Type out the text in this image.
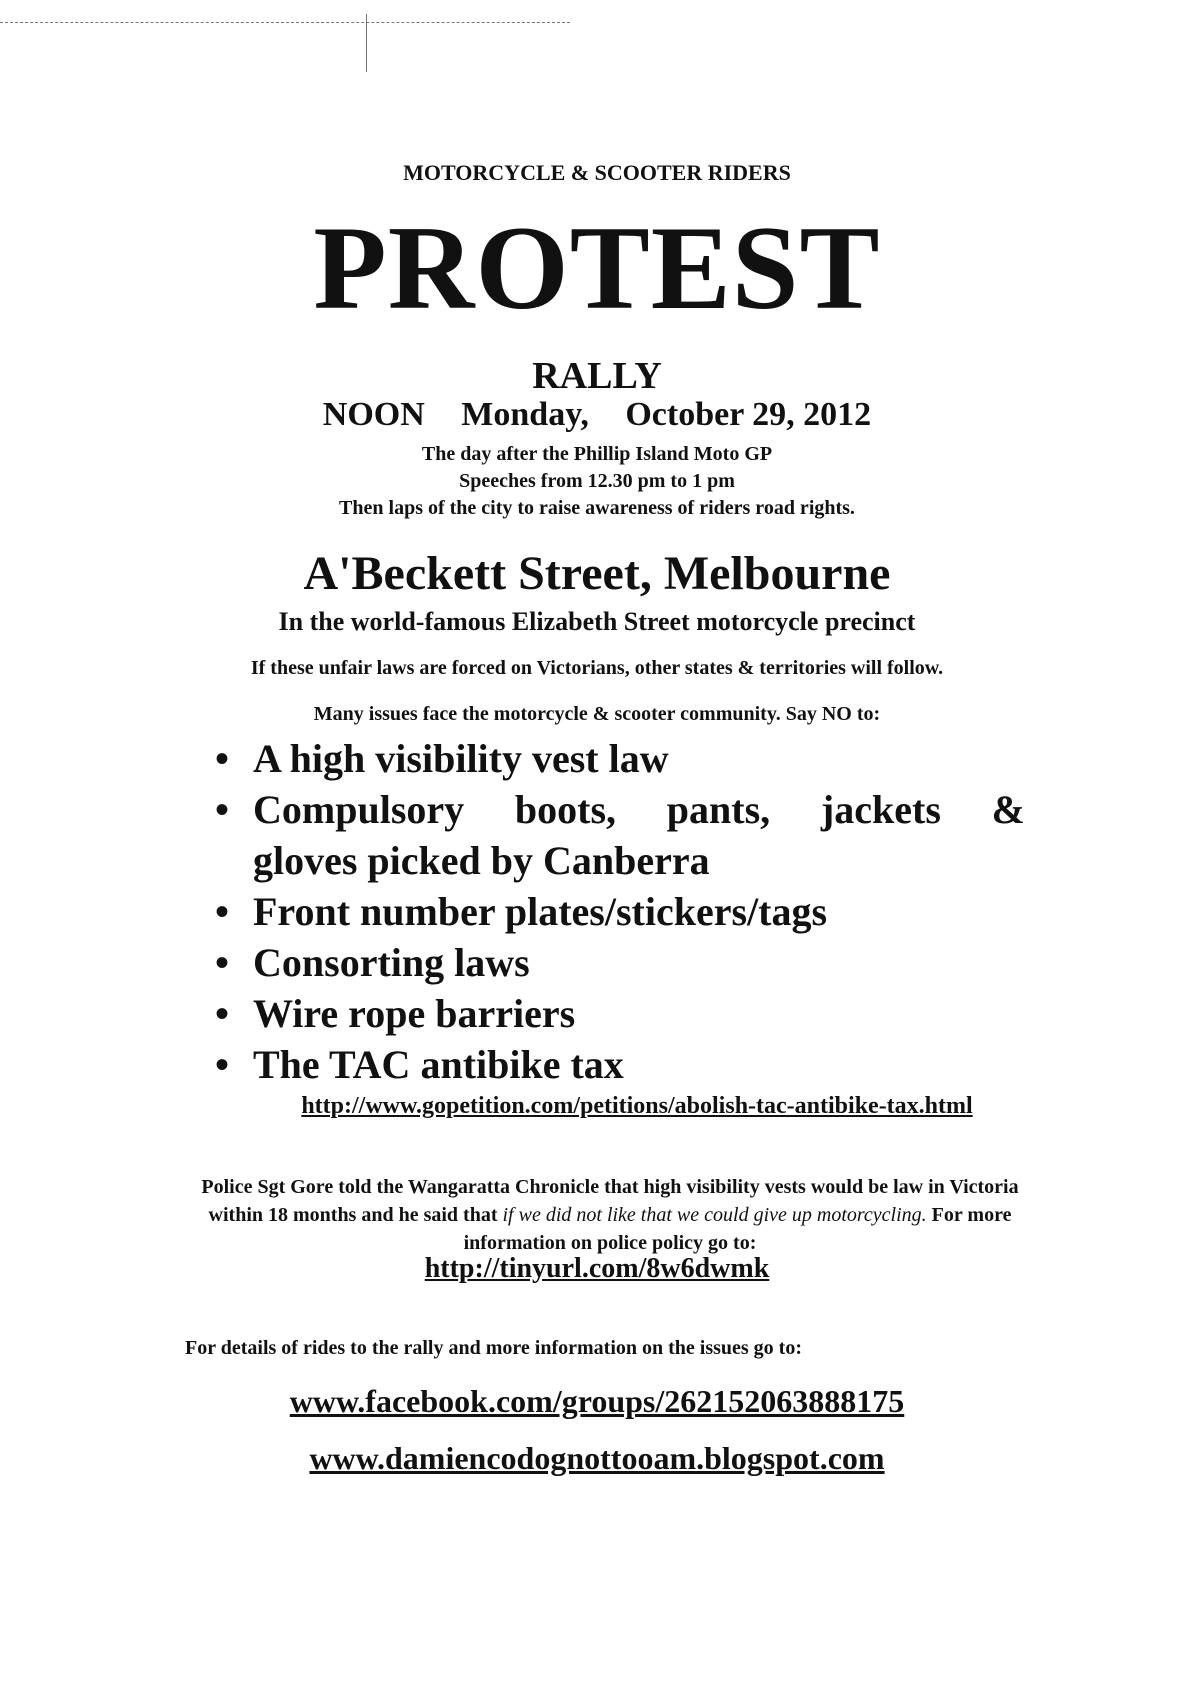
MOTORCYCLE & SCOOTER RIDERS
PROTEST
RALLY
NOON Monday, October 29, 2012
The day after the Phillip Island Moto GP
Speeches from 12.30 pm to 1 pm
Then laps of the city to raise awareness of riders road rights.
A'Beckett Street, Melbourne
In the world-famous Elizabeth Street motorcycle precinct
If these unfair laws are forced on Victorians, other states & territories will follow.
Many issues face the motorcycle & scooter community. Say NO to:
• A high visibility vest law
• Compulsory boots, pants, jackets &
gloves picked by Canberra
• Front number plates/stickers/tags
• Consorting laws
• Wire rope barriers
• The TAC antibike tax
http://www.gopetition.com/petitions/abolish-tac-antibike-tax.html
Police Sgt Gore told the Wangaratta Chronicle that high visibility vests would be law in Victoria within 18 months and he said that if we did not like that we could give up motorcycling. For more information on police policy go to:
http://tinyurl.com/8w6dwmk
For details of rides to the rally and more information on the issues go to:
www.facebook.com/groups/262152063888175
www.damiencodognottooam.blogspot.com
